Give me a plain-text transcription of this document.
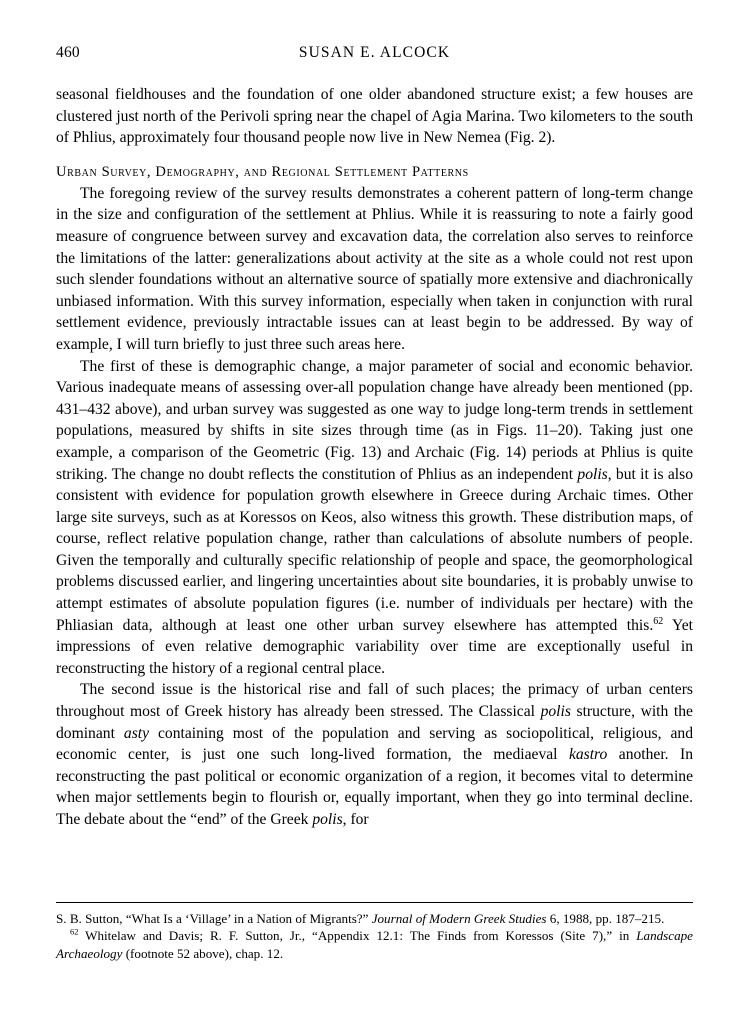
460	SUSAN E. ALCOCK

seasonal fieldhouses and the foundation of one older abandoned structure exist; a few houses are clustered just north of the Perivoli spring near the chapel of Agia Marina. Two kilometers to the south of Phlius, approximately four thousand people now live in New Nemea (Fig. 2).

Urban Survey, Demography, and Regional Settlement Patterns

The foregoing review of the survey results demonstrates a coherent pattern of long-term change in the size and configuration of the settlement at Phlius. While it is reassuring to note a fairly good measure of congruence between survey and excavation data, the correlation also serves to reinforce the limitations of the latter: generalizations about activity at the site as a whole could not rest upon such slender foundations without an alternative source of spatially more extensive and diachronically unbiased information. With this survey information, especially when taken in conjunction with rural settlement evidence, previously intractable issues can at least begin to be addressed. By way of example, I will turn briefly to just three such areas here.

The first of these is demographic change, a major parameter of social and economic behavior. Various inadequate means of assessing over-all population change have already been mentioned (pp. 431–432 above), and urban survey was suggested as one way to judge long-term trends in settlement populations, measured by shifts in site sizes through time (as in Figs. 11–20). Taking just one example, a comparison of the Geometric (Fig. 13) and Archaic (Fig. 14) periods at Phlius is quite striking. The change no doubt reflects the constitution of Phlius as an independent polis, but it is also consistent with evidence for population growth elsewhere in Greece during Archaic times. Other large site surveys, such as at Koressos on Keos, also witness this growth. These distribution maps, of course, reflect relative population change, rather than calculations of absolute numbers of people. Given the temporally and culturally specific relationship of people and space, the geomorphological problems discussed earlier, and lingering uncertainties about site boundaries, it is probably unwise to attempt estimates of absolute population figures (i.e. number of individuals per hectare) with the Phliasian data, although at least one other urban survey elsewhere has attempted this.$^{62}$ Yet impressions of even relative demographic variability over time are exceptionally useful in reconstructing the history of a regional central place.

The second issue is the historical rise and fall of such places; the primacy of urban centers throughout most of Greek history has already been stressed. The Classical polis structure, with the dominant asty containing most of the population and serving as sociopolitical, religious, and economic center, is just one such long-lived formation, the mediaeval kastro another. In reconstructing the past political or economic organization of a region, it becomes vital to determine when major settlements begin to flourish or, equally important, when they go into terminal decline. The debate about the “end” of the Greek polis, for

S. B. Sutton, “What Is a ‘Village’ in a Nation of Migrants?” Journal of Modern Greek Studies 6, 1988, pp. 187–215.

$^{62}$ Whitelaw and Davis; R. F. Sutton, Jr., “Appendix 12.1: The Finds from Koressos (Site 7),” in Landscape Archaeology (footnote 52 above), chap. 12.
